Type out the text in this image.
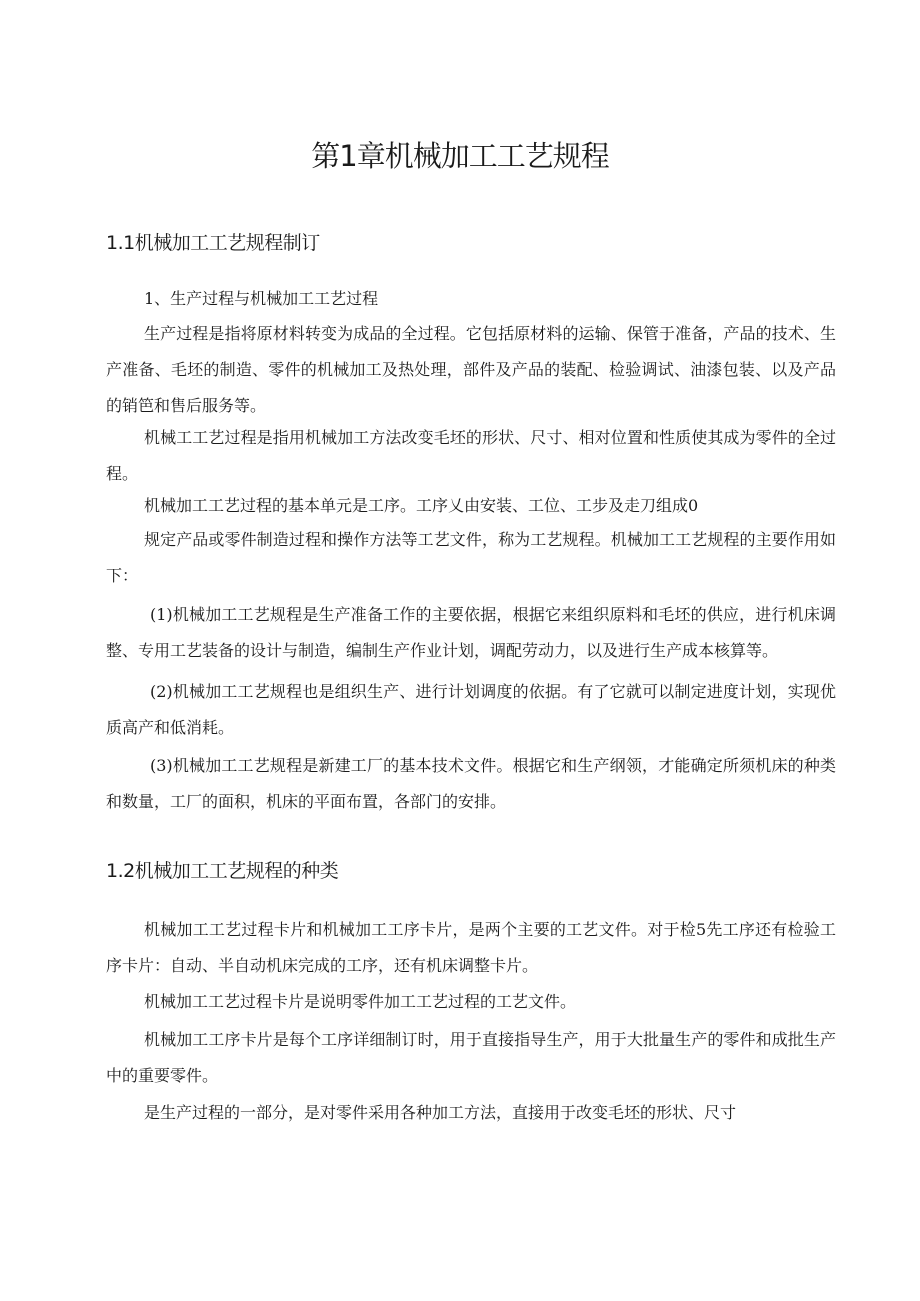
第1章机械加工工艺规程
1.1机械加工工艺规程制订

1、生产过程与机械加工工艺过程

生产过程是指将原材料转变为成品的全过程。它包括原材料的运输、保管于准备，产品的技术、生产准备、毛坯的制造、零件的机械加工及热处理，部件及产品的装配、检验调试、油漆包装、以及产品的销笆和售后服务等。

机械工工艺过程是指用机械加工方法改变毛坯的形状、尺寸、相对位置和性质使其成为零件的全过程。

机械加工工艺过程的基本单元是工序。工序乂由安装、工位、工步及走刀组成0

规定产品或零件制造过程和操作方法等工艺文件，称为工艺规程。机械加工工艺规程的主要作用如下：

(1)机械加工工艺规程是生产准备工作的主要依据，根据它来组织原料和毛坯的供应，进行机床调整、专用工艺装备的设计与制造，编制生产作业计划，调配劳动力，以及进行生产成本核算等。

(2)机械加工工艺规程也是组织生产、进行计划调度的依据。有了它就可以制定进度计划，实现优质高产和低消耗。

(3)机械加工工艺规程是新建工厂的基本技术文件。根据它和生产纲领，才能确定所须机床的种类和数量，工厂的面积，机床的平面布置，各部门的安排。

1.2机械加工工艺规程的种类

机械加工工艺过程卡片和机械加工工序卡片，是两个主要的工艺文件。对于检5先工序还有检验工序卡片：自动、半自动机床完成的工序，还有机床调整卡片。

机械加工工艺过程卡片是说明零件加工工艺过程的工艺文件。

机械加工工序卡片是每个工序详细制订时，用于直接指导生产，用于大批量生产的零件和成批生产中的重要零件。

是生产过程的一部分，是对零件采用各种加工方法，直接用于改变毛坯的形状、尺寸
